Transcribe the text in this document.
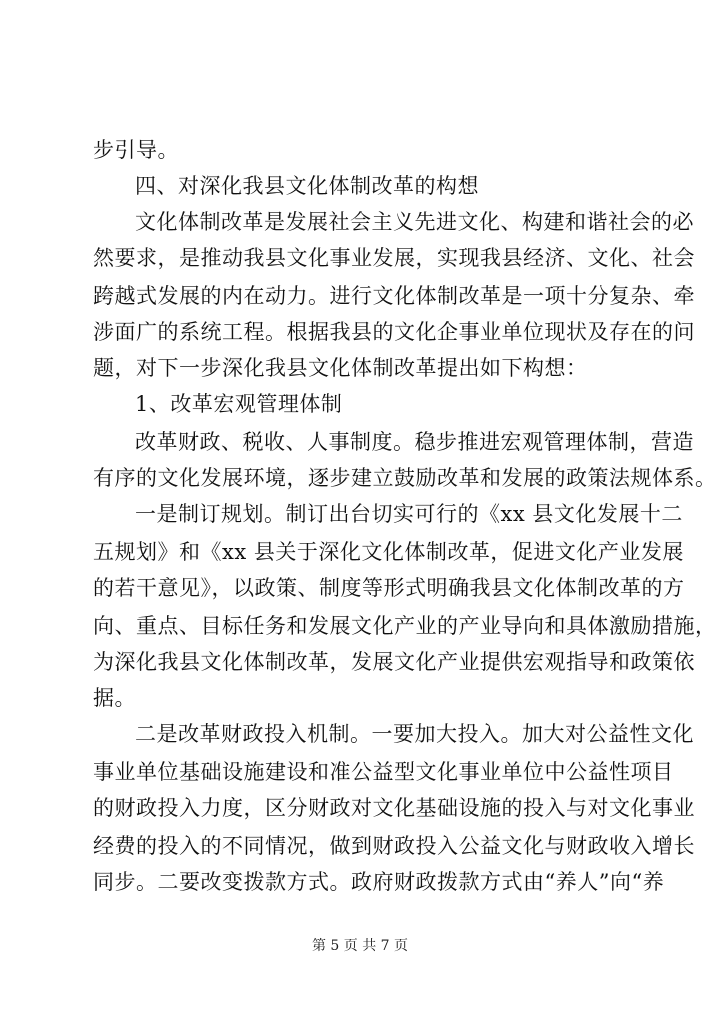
步引导。
四、对深化我县文化体制改革的构想
文化体制改革是发展社会主义先进文化、构建和谐社会的必
然要求，是推动我县文化事业发展，实现我县经济、文化、社会
跨越式发展的内在动力。进行文化体制改革是一项十分复杂、牵
涉面广的系统工程。根据我县的文化企事业单位现状及存在的问
题，对下一步深化我县文化体制改革提出如下构想：
1、改革宏观管理体制
改革财政、税收、人事制度。稳步推进宏观管理体制，营造
有序的文化发展环境，逐步建立鼓励改革和发展的政策法规体系。
一是制订规划。制订出台切实可行的《xx 县文化发展十二
五规划》和《xx 县关于深化文化体制改革，促进文化产业发展
的若干意见》，以政策、制度等形式明确我县文化体制改革的方
向、重点、目标任务和发展文化产业的产业导向和具体激励措施，
为深化我县文化体制改革，发展文化产业提供宏观指导和政策依
据。
二是改革财政投入机制。一要加大投入。加大对公益性文化
事业单位基础设施建设和准公益型文化事业单位中公益性项目
的财政投入力度，区分财政对文化基础设施的投入与对文化事业
经费的投入的不同情况，做到财政投入公益文化与财政收入增长
同步。二要改变拨款方式。政府财政拨款方式由“养人”向“养
第 5 页 共 7 页
